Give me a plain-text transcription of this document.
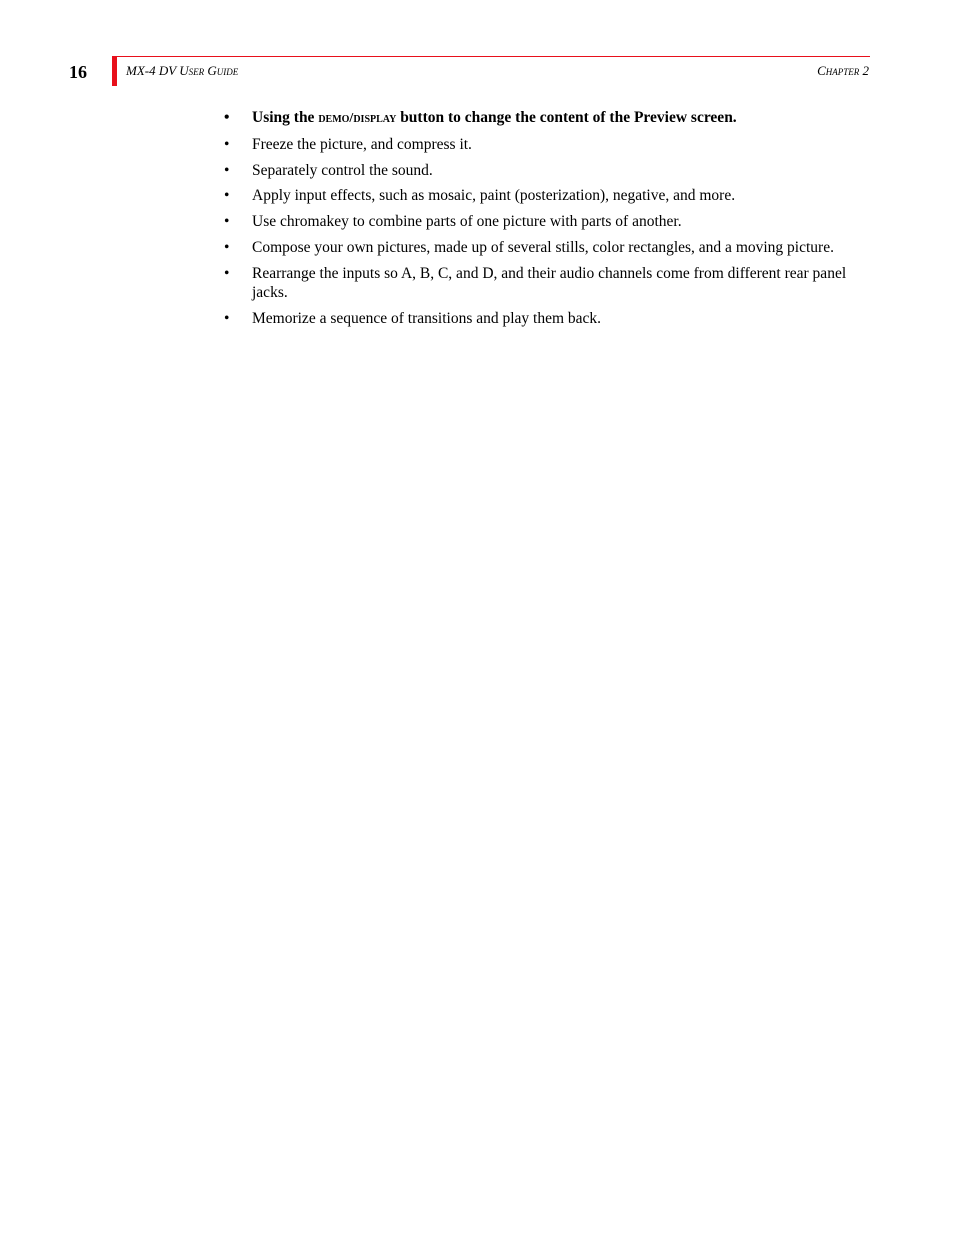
16	MX-4 DV User Guide	Chapter 2
• Using the demo/display button to change the content of the Preview screen.
• Freeze the picture, and compress it.
• Separately control the sound.
• Apply input effects, such as mosaic, paint (posterization), negative, and more.
• Use chromakey to combine parts of one picture with parts of another.
• Compose your own pictures, made up of several stills, color rectangles, and a moving picture.
• Rearrange the inputs so A, B, C, and D, and their audio channels come from different rear panel jacks.
• Memorize a sequence of transitions and play them back.
